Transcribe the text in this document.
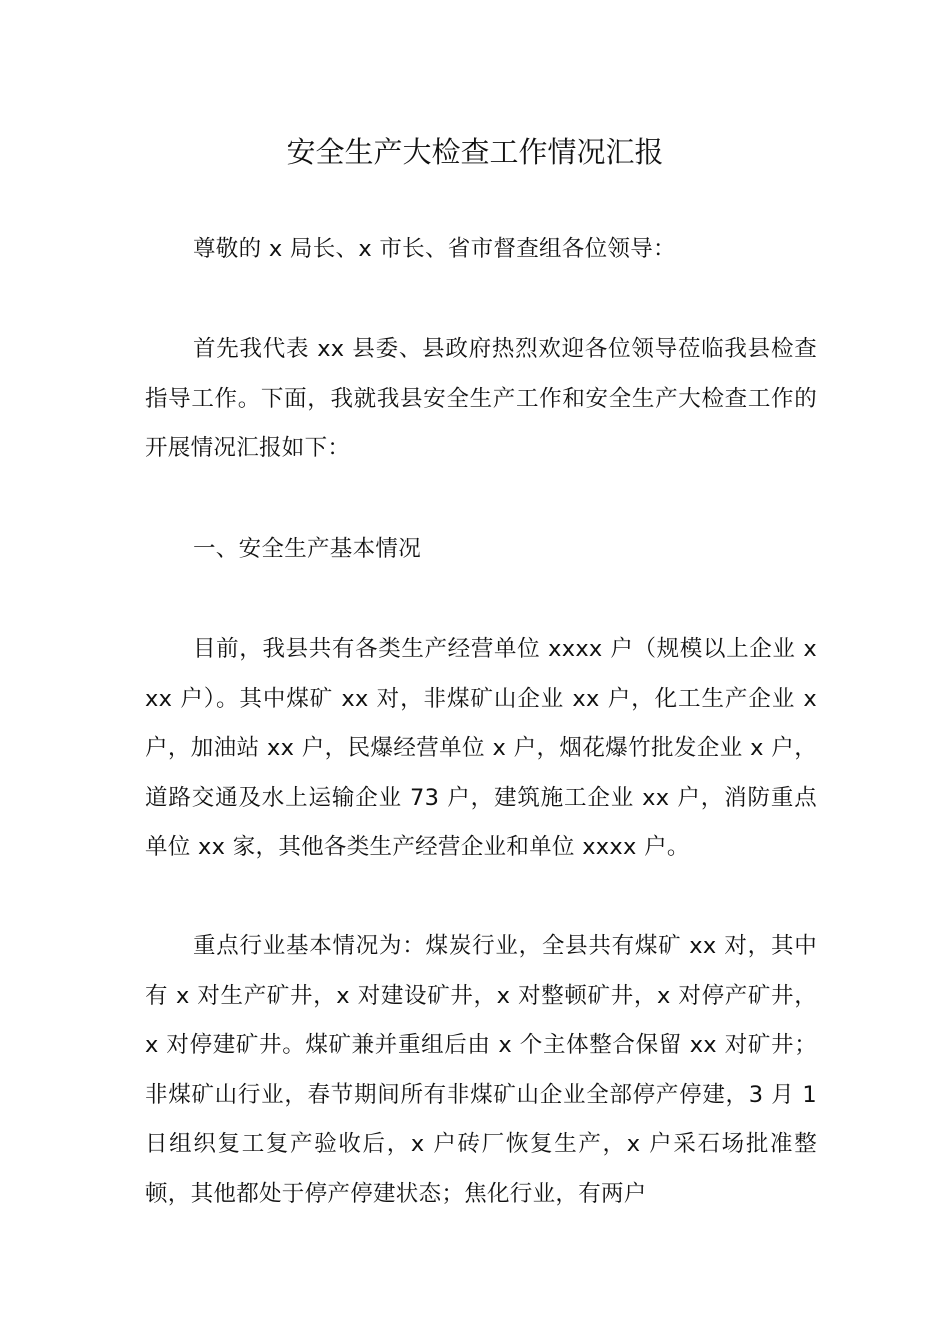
安全生产大检查工作情况汇报

尊敬的 x 局长、x 市长、省市督查组各位领导：

首先我代表 xx 县委、县政府热烈欢迎各位领导莅临我县检查指导工作。下面，我就我县安全生产工作和安全生产大检查工作的开展情况汇报如下：

一、安全生产基本情况

目前，我县共有各类生产经营单位 xxxx 户（规模以上企业 xxx 户）。其中煤矿 xx 对，非煤矿山企业 xx 户，化工生产企业 x 户，加油站 xx 户，民爆经营单位 x 户，烟花爆竹批发企业 x 户，道路交通及水上运输企业 73 户，建筑施工企业 xx 户，消防重点单位 xx 家，其他各类生产经营企业和单位 xxxx 户。

重点行业基本情况为：煤炭行业，全县共有煤矿 xx 对，其中有 x 对生产矿井，x 对建设矿井，x 对整顿矿井，x 对停产矿井，x 对停建矿井。煤矿兼并重组后由 x 个主体整合保留 xx 对矿井；非煤矿山行业，春节期间所有非煤矿山企业全部停产停建，3 月 1 日组织复工复产验收后，x 户砖厂恢复生产，x 户采石场批准整顿，其他都处于停产停建状态；焦化行业，有两户
